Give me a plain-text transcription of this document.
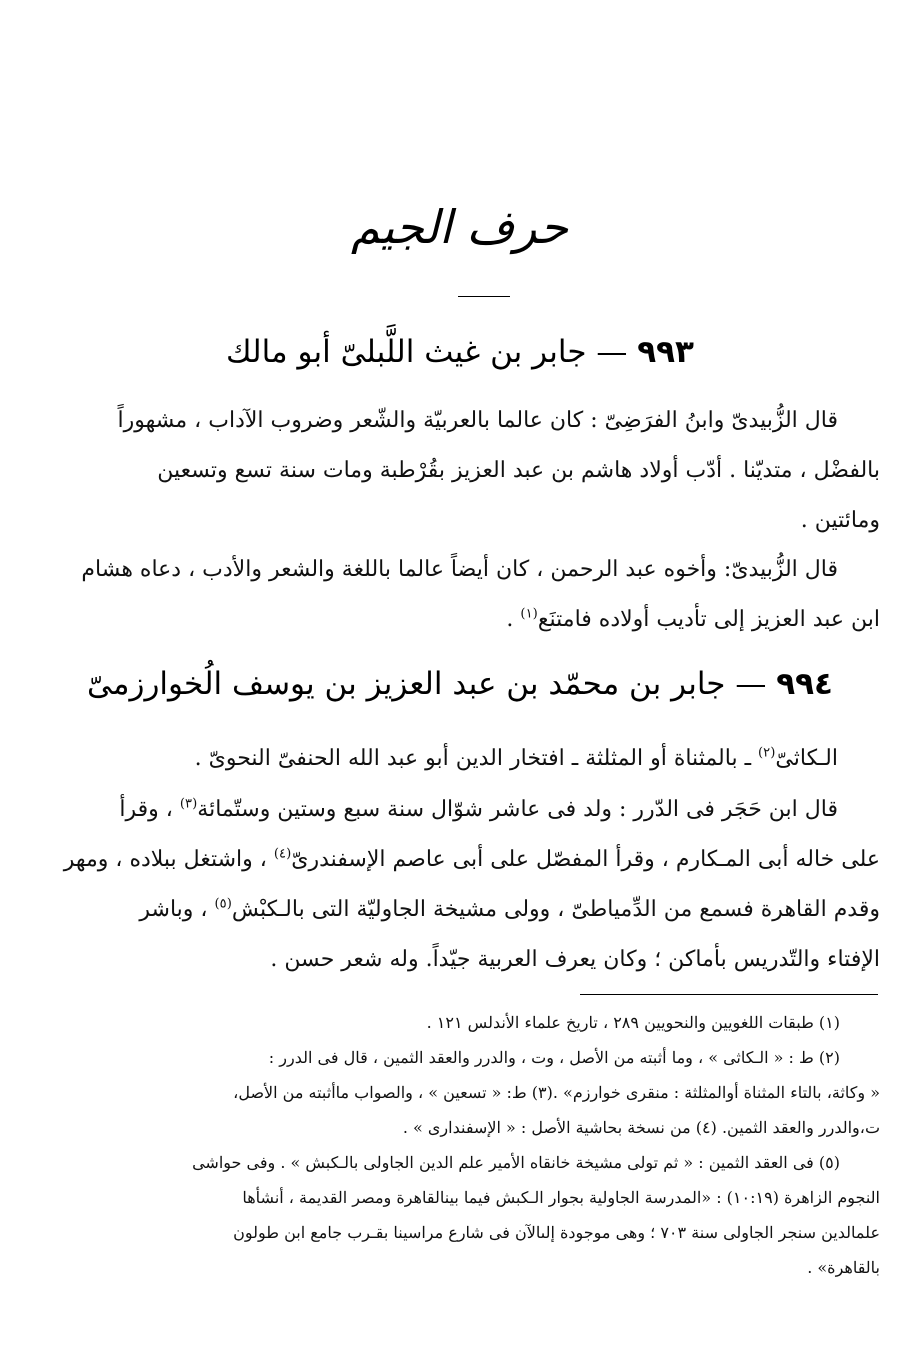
حرف الجيم
٩٩٣ — جابر بن غيث اللَّبلىّ أبو مالك
قال الزُّبيدىّ وابنُ الفرَضِىّ : كان عالما بالعربيّة والشّعر وضروب الآداب ، مشهوراً
بالفضْل ، متديّنا . أدّب أولاد هاشم بن عبد العزيز بقُرْطبة ومات سنة تسع وتسعين
ومائتين .
قال الزُّبيدىّ: وأخوه عبد الرحمن ، كان أيضاً عالما باللغة والشعر والأدب ، دعاه هشام
ابن عبد العزيز إلى تأديب أولاده فامتنَع$^{(١)}$ .
٩٩٤ — جابر بن محمّد بن عبد العزيز بن يوسف الُخوارزمىّ
الـكاثىّ$^{(٢)}$ ـ بالمثناة أو المثلثة ـ افتخار الدين أبو عبد الله الحنفىّ النحوىّ .
قال ابن حَجَر فى الدّرر : ولد فى عاشر شوّال سنة سبع وستين وستّمائة$^{(٣)}$ ، وقرأ
على خاله أبى المـكارم ، وقرأ المفصّل على أبى عاصم الإسفندرىّ$^{(٤)}$ ، واشتغل ببلاده ، ومهر
وقدم القاهرة فسمع من الدِّمياطىّ ، وولى مشيخة الجاوليّة التى بالـكبْش$^{(٥)}$ ، وباشر
الإفتاء والتّدريس بأماكن ؛ وكان يعرف العربية جيّداً. وله شعر حسن .
(١) طبقات اللغويين والنحويين ٢٨٩ ، تاريخ علماء الأندلس ١٢١ .
(٢) ط : « الـكاثى » ، وما أثبته من الأصل ، وت ، والدرر والعقد الثمين ، قال فى الدرر :
« وكاثة، بالتاء المثناة أوالمثلثة : منقرى خوارزم» .(٣) ط: « تسعين » ، والصواب ماأثبته من الأصل،
ت،والدرر والعقد الثمين. (٤) من نسخة بحاشية الأصل : « الإسفندارى » .
(٥) فى العقد الثمين : « ثم تولى مشيخة خانقاه الأمير علم الدين الجاولى بالـكبش » . وفى حواشى
النجوم الزاهرة (١٠:١٩) : «المدرسة الجاولية بجوار الـكبش فيما بينالقاهرة ومصر القديمة ، أنشأها
علمالدين سنجر الجاولى سنة ٧٠٣ ؛ وهى موجودة إلىالآن فى شارع مراسينا بقـرب جامع ابن طولون
بالقاهرة» .
